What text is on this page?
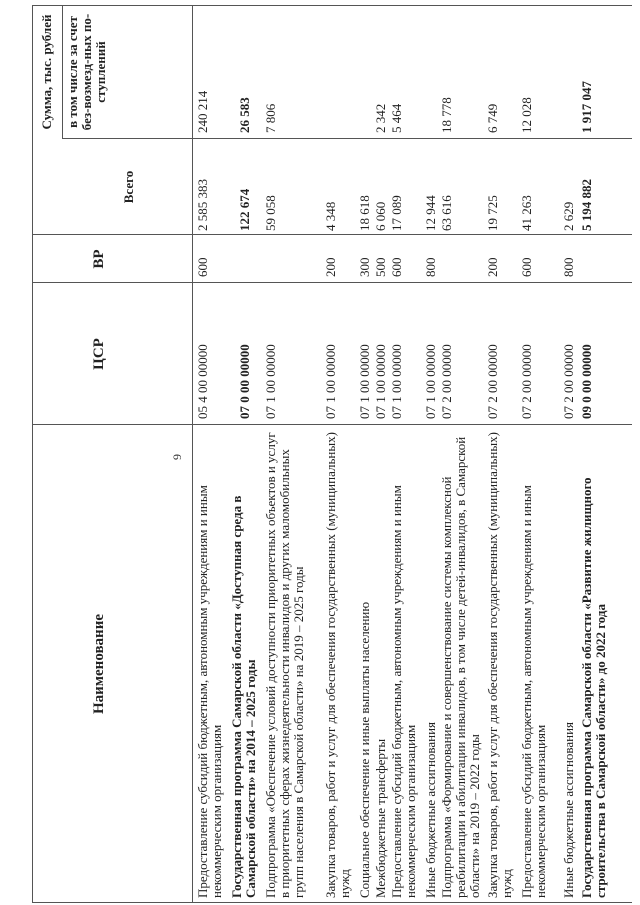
9
Наименование
ЦСР
ВР
Сумма, тыс. рублей
Всего
в том числе за счет без-возмезд-ных по-ступлений
Предоставление субсидий бюджетным, автономным учреждениям и иным некоммерческим организациям
05 4 00 00000
600
2 585 383
240 214
Государственная программа Самарской области «Доступная среда в Самарской области» на 2014 – 2025 годы
07 0 00 00000
122 674
26 583
Подпрограмма «Обеспечение условий доступности приоритетных объектов и услуг в приоритетных сферах жизнедеятельности инвалидов и других маломобильных групп населения в Самарской области» на 2019 – 2025 годы
07 1 00 00000
59 058
7 806
Закупка товаров, работ и услуг для обеспечения государственных (муниципальных) нужд
07 1 00 00000
200
4 348
Социальное обеспечение и иные выплаты населению
07 1 00 00000
300
18 618
Межбюджетные трансферты
07 1 00 00000
500
6 060
2 342
Предоставление субсидий бюджетным, автономным учреждениям и иным некоммерческим организациям
07 1 00 00000
600
17 089
5 464
Иные бюджетные ассигнования
07 1 00 00000
800
12 944
Подпрограмма «Формирование и совершенствование системы комплексной реабилитации и абилитации инвалидов, в том числе детей-инвалидов, в Самарской области» на 2019 – 2022 годы
07 2 00 00000
63 616
18 778
Закупка товаров, работ и услуг для обеспечения государственных (муниципальных) нужд
07 2 00 00000
200
19 725
6 749
Предоставление субсидий бюджетным, автономным учреждениям и иным некоммерческим организациям
07 2 00 00000
600
41 263
12 028
Иные бюджетные ассигнования
07 2 00 00000
800
2 629
Государственная программа Самарской области «Развитие жилищного строительства в Самарской области» до 2022 года
09 0 00 00000
5 194 882
1 917 047
